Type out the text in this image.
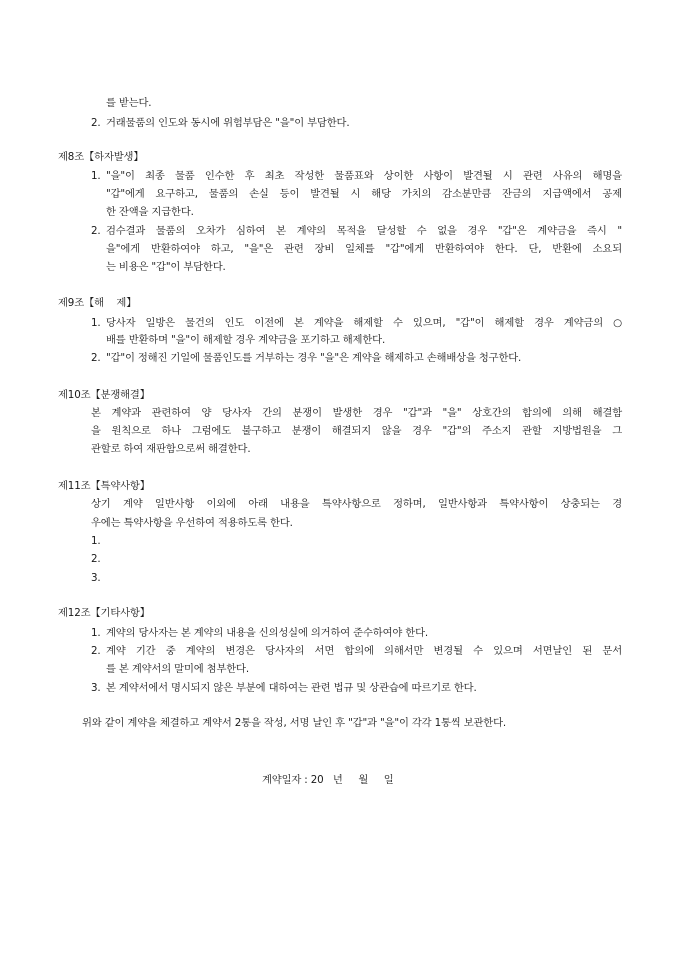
를 받는다.
2. 거래물품의 인도와 동시에 위험부담은 "을"이 부담한다.
제8조【하자발생】
1. "을"이 최종 물품 인수한 후 최초 작성한 물품표와 상이한 사항이 발견될 시 관련 사유의 해명을
"갑"에게 요구하고, 물품의 손실 등이 발견될 시 해당 가치의 감소분만큼 잔금의 지급액에서 공제
한 잔액을 지급한다.
2. 검수결과 물품의 오차가 심하여 본 계약의 목적을 달성할 수 없을 경우 "갑"은 계약금을 즉시 "
을"에게 반환하여야 하고, "을"은 관련 장비 일체를 "갑"에게 반환하여야 한다. 단, 반환에 소요되
는 비용은 "갑"이 부담한다.
제9조【해    제】
1. 당사자 일방은 물건의 인도 이전에 본 계약을 해제할 수 있으며, "갑"이 해제할 경우 계약금의 ○
배를 반환하며 "을"이 해제할 경우 계약금을 포기하고 해제한다.
2. "갑"이 정해진 기일에 물품인도를 거부하는 경우 "을"은 계약을 해제하고 손해배상을 청구한다.
제10조【분쟁해결】
본 계약과 관련하여 양 당사자 간의 분쟁이 발생한 경우 "갑"과 "을" 상호간의 합의에 의해 해결함
을 원칙으로 하나 그럼에도 불구하고 분쟁이 해결되지 않을 경우 "갑"의 주소지 관할 지방법원을 그
관할로 하여 재판함으로써 해결한다.
제11조【특약사항】
상기 계약 일반사항 이외에 아래 내용을 특약사항으로 정하며, 일반사항과 특약사항이 상충되는 경
우에는 특약사항을 우선하여 적용하도록 한다.
1.
2.
3.
제12조【기타사항】
1. 계약의 당사자는 본 계약의 내용을 신의성실에 의거하여 준수하여야 한다.
2. 계약 기간 중 계약의 변경은 당사자의 서면 합의에 의해서만 변경될 수 있으며 서면날인 된 문서
를 본 계약서의 말미에 첨부한다.
3. 본 계약서에서 명시되지 않은 부분에 대하여는 관련 법규 및 상관습에 따르기로 한다.
위와 같이 계약을 체결하고 계약서 2통을 작성, 서명 날인 후 "갑"과 "을"이 각각 1통씩 보관한다.
계약일자 : 20   년     월     일
